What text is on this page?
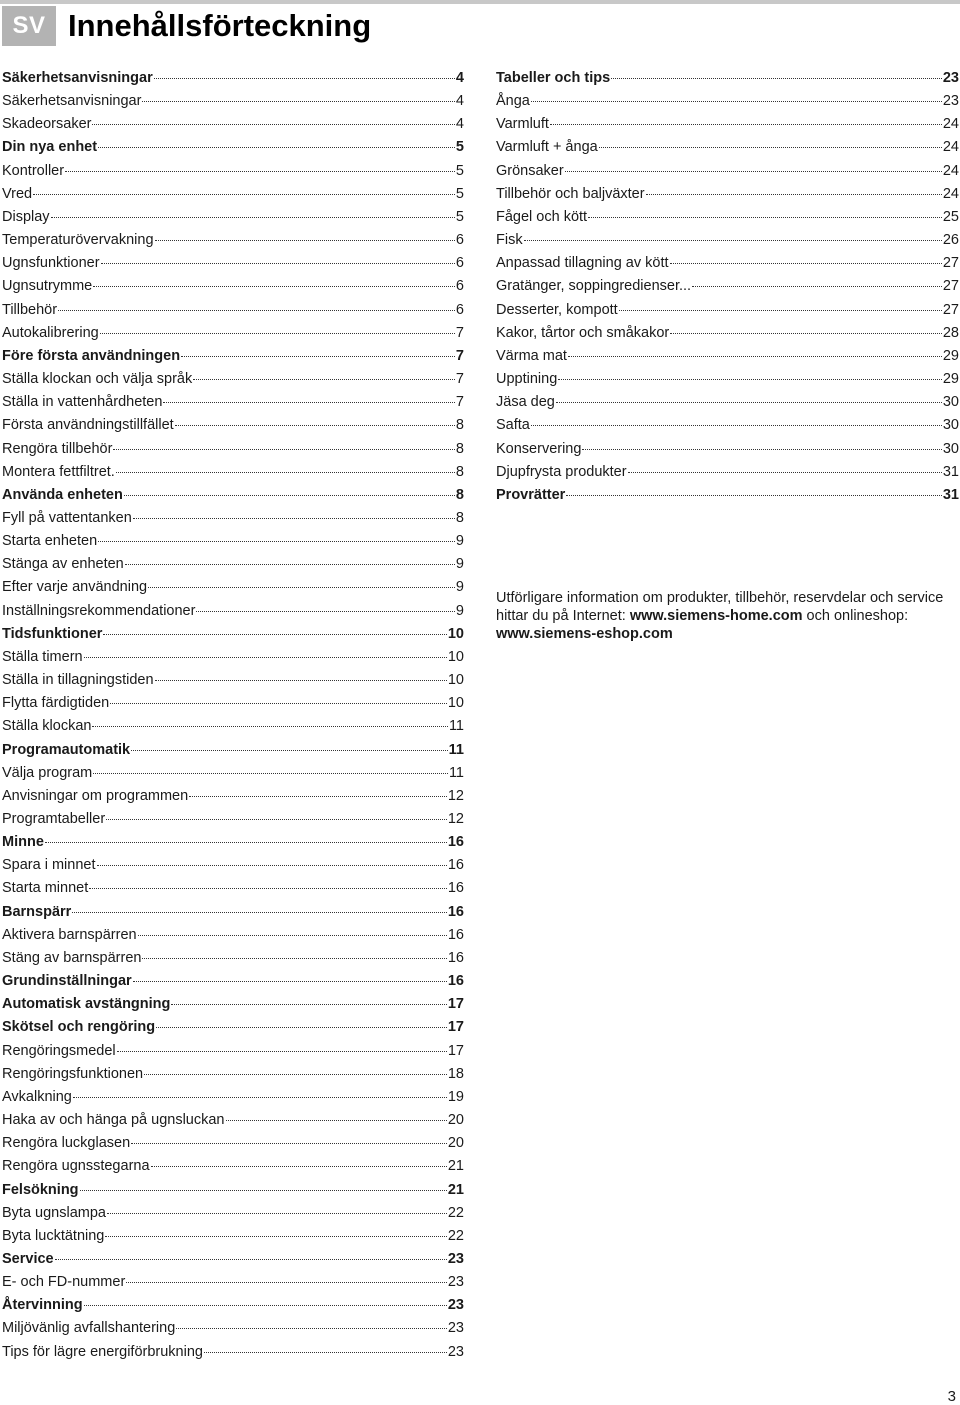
SV Innehållsförteckning
Säkerhetsanvisningar	4
Säkerhetsanvisningar	4
Skadeorsaker	4
Din nya enhet	5
Kontroller	5
Vred	5
Display	5
Temperaturövervakning	6
Ugnsfunktioner	6
Ugnsutrymme	6
Tillbehör	6
Autokalibrering	7
Före första användningen	7
Ställa klockan och välja språk	7
Ställa in vattenhårdheten	7
Första användningstillfället	8
Rengöra tillbehör	8
Montera fettfiltret.	8
Använda enheten	8
Fyll på vattentanken	8
Starta enheten	9
Stänga av enheten	9
Efter varje användning	9
Inställningsrekommendationer	9
Tidsfunktioner	10
Ställa timern	10
Ställa in tillagningstiden	10
Flytta färdigtiden	10
Ställa klockan	11
Programautomatik	11
Välja program	11
Anvisningar om programmen	12
Programtabeller	12
Minne	16
Spara i minnet	16
Starta minnet	16
Barnspärr	16
Aktivera barnspärren	16
Stäng av barnspärren	16
Grundinställningar	16
Automatisk avstängning	17
Skötsel och rengöring	17
Rengöringsmedel	17
Rengöringsfunktionen	18
Avkalkning	19
Haka av och hänga på ugnsluckan	20
Rengöra luckglasen	20
Rengöra ugnsstegarna	21
Felsökning	21
Byta ugnslampa	22
Byta lucktätning	22
Service	23
E- och FD-nummer	23
Återvinning	23
Miljövänlig avfallshantering	23
Tips för lägre energiförbrukning	23
Tabeller och tips	23
Ånga	23
Varmluft	24
Varmluft + ånga	24
Grönsaker	24
Tillbehör och baljväxter	24
Fågel och kött	25
Fisk	26
Anpassad tillagning av kött	27
Gratänger, soppingredienser...	27
Desserter, kompott	27
Kakor, tårtor och småkakor	28
Värma mat	29
Upptining	29
Jäsa deg	30
Safta	30
Konservering	30
Djupfrysta produkter	31
Provrätter	31
Utförligare information om produkter, tillbehör, reservdelar och service hittar du på Internet: www.siemens-home.com och onlineshop: www.siemens-eshop.com
3
